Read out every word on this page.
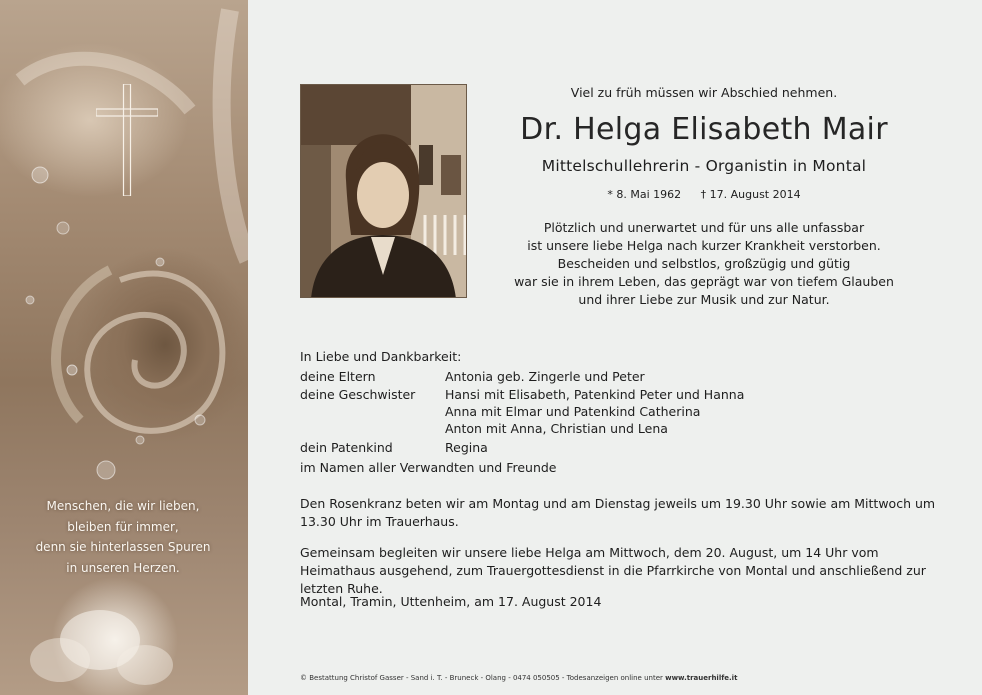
Menschen, die wir lieben,
bleiben für immer,
denn sie hinterlassen Spuren
in unseren Herzen.
Viel zu früh müssen wir Abschied nehmen.
Dr. Helga Elisabeth Mair
Mittelschullehrerin - Organistin in Montal
* 8. Mai 1962 † 17. August 2014
Plötzlich und unerwartet und für uns alle unfassbar
ist unsere liebe Helga nach kurzer Krankheit verstorben.
Bescheiden und selbstlos, großzügig und gütig
war sie in ihrem Leben, das geprägt war von tiefem Glauben
und ihrer Liebe zur Musik und zur Natur.
In Liebe und Dankbarkeit:
deine Eltern	Antonia geb. Zingerle und Peter
deine Geschwister Hansi mit Elisabeth, Patenkind Peter und Hanna
Anna mit Elmar und Patenkind Catherina
Anton mit Anna, Christian und Lena
dein Patenkind	Regina
im Namen aller Verwandten und Freunde
Den Rosenkranz beten wir am Montag und am Dienstag jeweils um 19.30 Uhr sowie am Mittwoch um 13.30 Uhr im Trauerhaus.
Gemeinsam begleiten wir unsere liebe Helga am Mittwoch, dem 20. August, um 14 Uhr vom Heimathaus ausgehend, zum Trauergottesdienst in die Pfarrkirche von Montal und anschließend zur letzten Ruhe.
Montal, Tramin, Uttenheim, am 17. August 2014
© Bestattung Christof Gasser - Sand i. T. - Bruneck - Olang - 0474 050505 - Todesanzeigen online unter www.trauerhilfe.it
